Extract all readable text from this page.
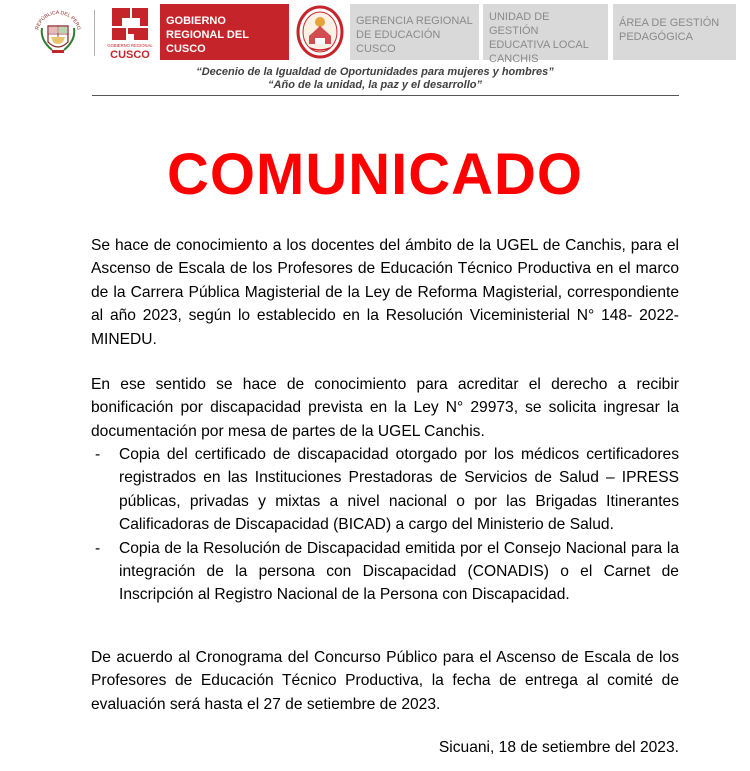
REPÚBLICA DEL PERÚ
GOBIERNO REGIONAL
CUSCO
GOBIERNO REGIONAL DEL CUSCO
GERENCIA REGIONAL DE EDUCACIÓN CUSCO
UNIDAD DE GESTIÓN EDUCATIVA LOCAL CANCHIS
ÁREA DE GESTIÓN PEDAGÓGICA
“Decenio de la Igualdad de Oportunidades para mujeres y hombres”
“Año de la unidad, la paz y el desarrollo”
COMUNICADO
Se hace de conocimiento a los docentes del ámbito de la UGEL de Canchis, para el Ascenso de Escala de los Profesores de Educación Técnico Productiva en el marco de la Carrera Pública Magisterial de la Ley de Reforma Magisterial, correspondiente al año 2023, según lo establecido en la Resolución Viceministerial N° 148- 2022- MINEDU.
En ese sentido se hace de conocimiento para acreditar el derecho a recibir bonificación por discapacidad prevista en la Ley N° 29973, se solicita ingresar la documentación por mesa de partes de la UGEL Canchis.
- Copia del certificado de discapacidad otorgado por los médicos certificadores registrados en las Instituciones Prestadoras de Servicios de Salud – IPRESS públicas, privadas y mixtas a nivel nacional o por las Brigadas Itinerantes Calificadoras de Discapacidad (BICAD) a cargo del Ministerio de Salud.
- Copia de la Resolución de Discapacidad emitida por el Consejo Nacional para la integración de la persona con Discapacidad (CONADIS) o el Carnet de Inscripción al Registro Nacional de la Persona con Discapacidad.
De acuerdo al Cronograma del Concurso Público para el Ascenso de Escala de los Profesores de Educación Técnico Productiva, la fecha de entrega al comité de evaluación será hasta el 27 de setiembre de 2023.
Sicuani, 18 de setiembre del 2023.
